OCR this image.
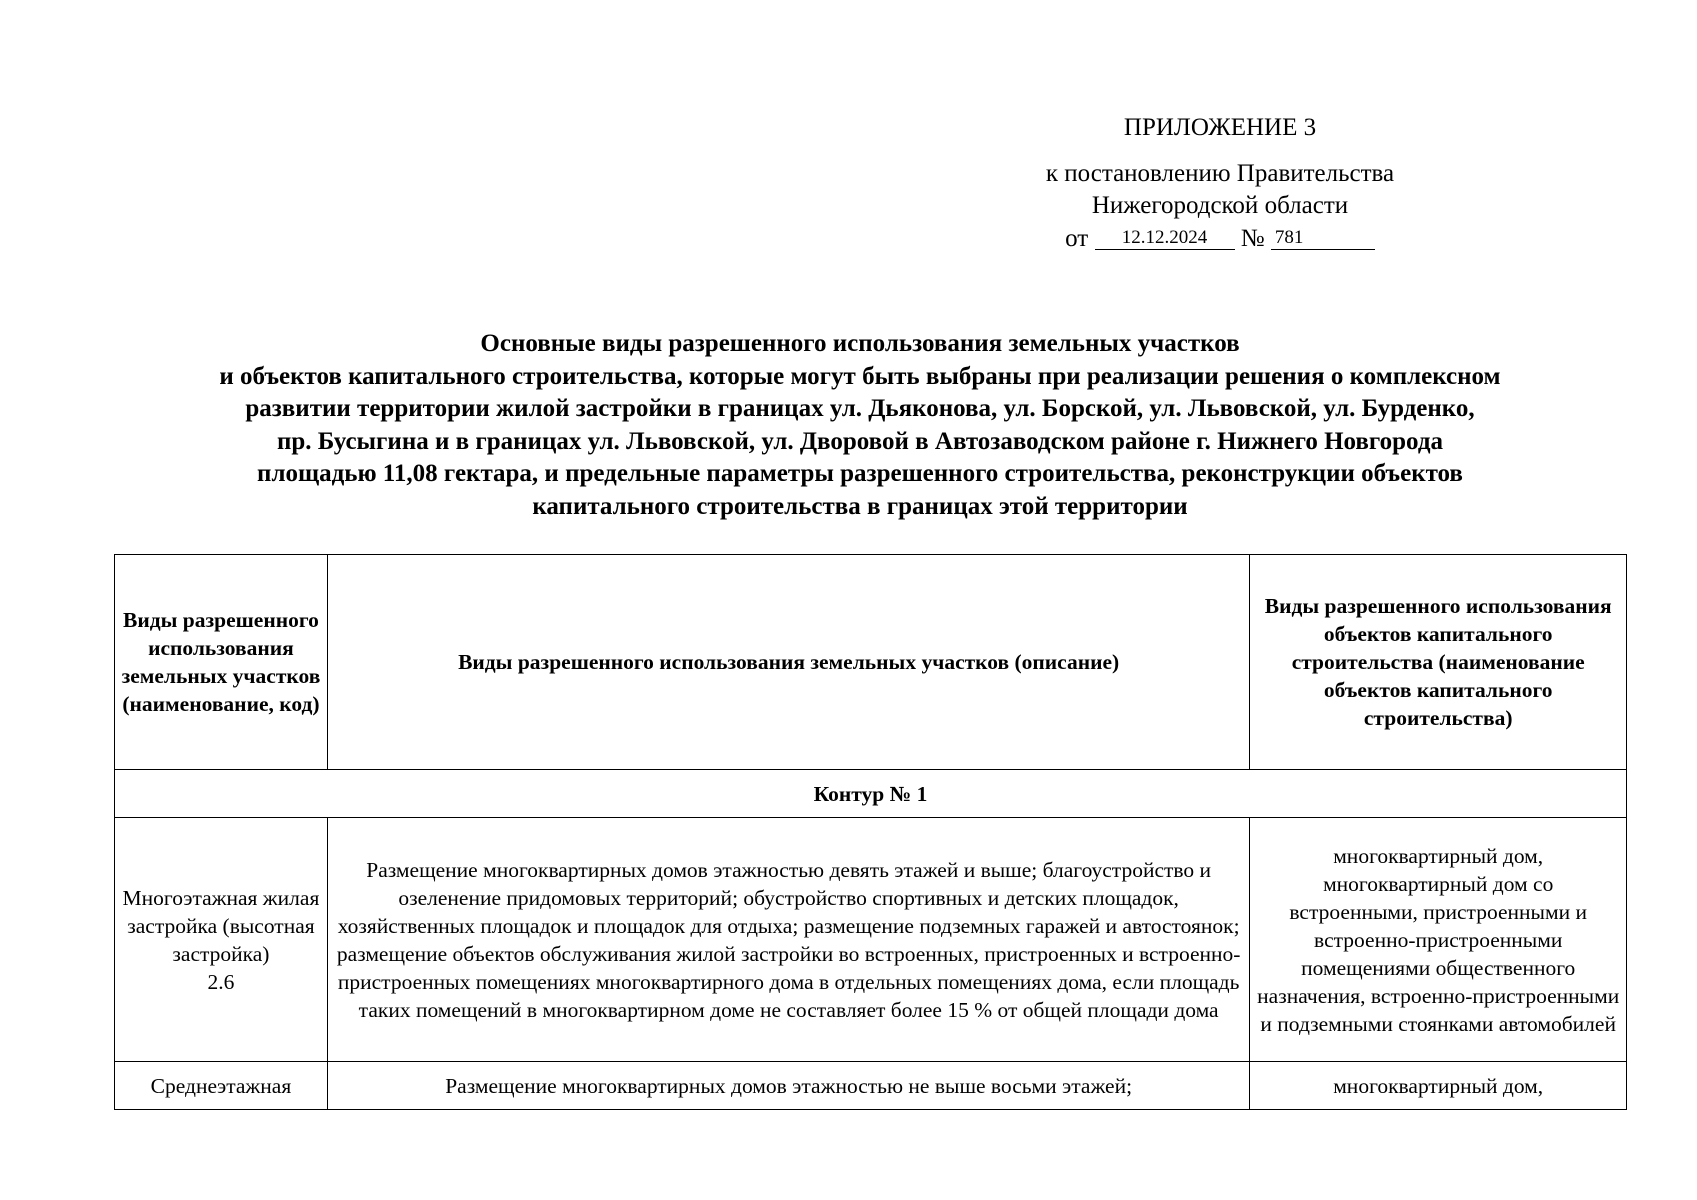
ПРИЛОЖЕНИЕ 3
к постановлению Правительства
Нижегородской области
от 12.12.2024 № 781
Основные виды разрешенного использования земельных участков
и объектов капитального строительства, которые могут быть выбраны при реализации решения о комплексном
развитии территории жилой застройки в границах ул. Дьяконова, ул. Борской, ул. Львовской, ул. Бурденко,
пр. Бусыгина и в границах ул. Львовской, ул. Дворовой в Автозаводском районе г. Нижнего Новгорода
площадью 11,08 гектара, и предельные параметры разрешенного строительства, реконструкции объектов
капитального строительства в границах этой территории
Виды разрешенного использования земельных участков (наименование, код)	Виды разрешенного использования земельных участков (описание)	Виды разрешенного использования объектов капитального строительства (наименование объектов капитального строительства)
Контур № 1		

Многоэтажная жилая застройка (высотная застройка)
2.6	Размещение многоквартирных домов этажностью девять этажей и выше; благоустройство и озеленение придомовых территорий; обустройство спортивных и детских площадок, хозяйственных площадок и площадок для отдыха; размещение подземных гаражей и автостоянок; размещение объектов обслуживания жилой застройки во встроенных, пристроенных и встроенно-пристроенных помещениях многоквартирного дома в отдельных помещениях дома, если площадь таких помещений в многоквартирном доме не составляет более 15 % от общей площади дома	многоквартирный дом, многоквартирный дом со встроенными, пристроенными и встроенно-пристроенными помещениями общественного назначения, встроенно-пристроенными и подземными стоянками автомобилей
Среднеэтажная	Размещение многоквартирных домов этажностью не выше восьми этажей;	многоквартирный дом,
